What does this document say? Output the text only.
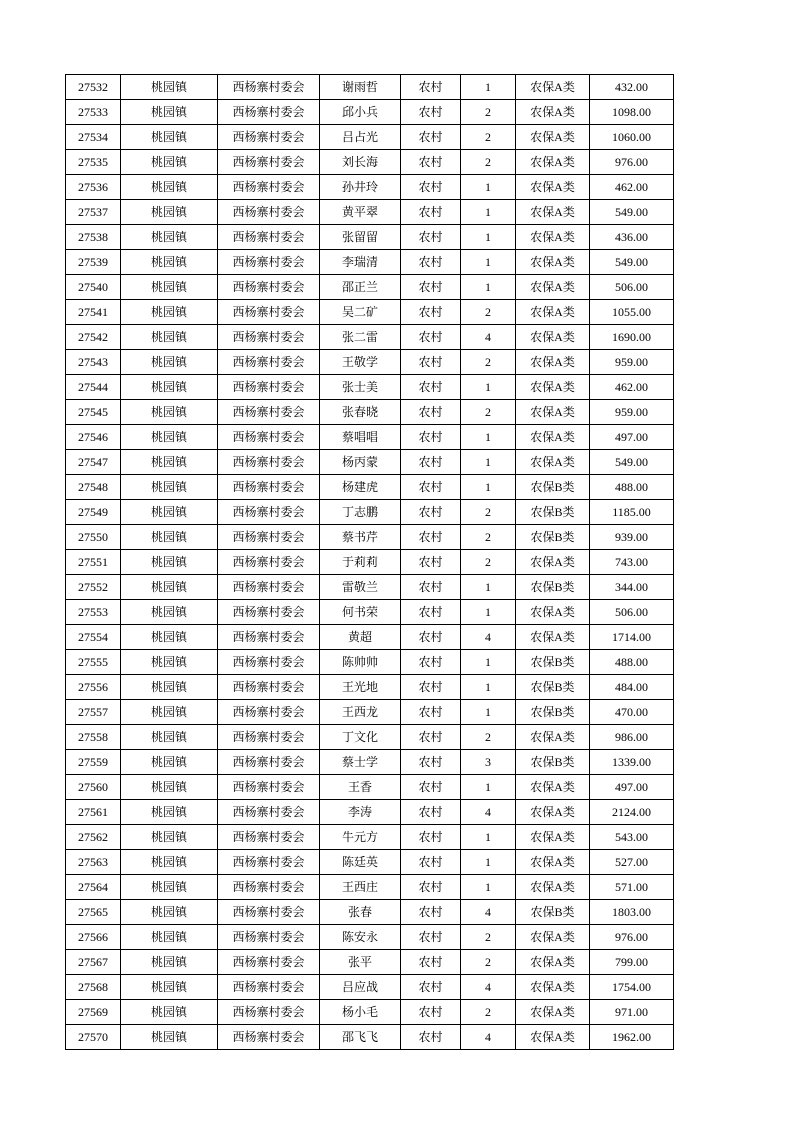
27532	桃园镇	西杨寨村委会	谢雨哲	农村	1	农保A类	432.00
27533	桃园镇	西杨寨村委会	邱小兵	农村	2	农保A类	1098.00
27534	桃园镇	西杨寨村委会	吕占光	农村	2	农保A类	1060.00
27535	桃园镇	西杨寨村委会	刘长海	农村	2	农保A类	976.00
27536	桃园镇	西杨寨村委会	孙井玲	农村	1	农保A类	462.00
27537	桃园镇	西杨寨村委会	黄平翠	农村	1	农保A类	549.00
27538	桃园镇	西杨寨村委会	张留留	农村	1	农保A类	436.00
27539	桃园镇	西杨寨村委会	李瑞清	农村	1	农保A类	549.00
27540	桃园镇	西杨寨村委会	邵正兰	农村	1	农保A类	506.00
27541	桃园镇	西杨寨村委会	吴二矿	农村	2	农保A类	1055.00
27542	桃园镇	西杨寨村委会	张二雷	农村	4	农保A类	1690.00
27543	桃园镇	西杨寨村委会	王敬学	农村	2	农保A类	959.00
27544	桃园镇	西杨寨村委会	张士美	农村	1	农保A类	462.00
27545	桃园镇	西杨寨村委会	张春晓	农村	2	农保A类	959.00
27546	桃园镇	西杨寨村委会	蔡唱唱	农村	1	农保A类	497.00
27547	桃园镇	西杨寨村委会	杨丙蒙	农村	1	农保A类	549.00
27548	桃园镇	西杨寨村委会	杨建虎	农村	1	农保B类	488.00
27549	桃园镇	西杨寨村委会	丁志鹏	农村	2	农保B类	1185.00
27550	桃园镇	西杨寨村委会	蔡书芹	农村	2	农保B类	939.00
27551	桃园镇	西杨寨村委会	于莉莉	农村	2	农保A类	743.00
27552	桃园镇	西杨寨村委会	雷敬兰	农村	1	农保B类	344.00
27553	桃园镇	西杨寨村委会	何书荣	农村	1	农保A类	506.00
27554	桃园镇	西杨寨村委会	黄超	农村	4	农保A类	1714.00
27555	桃园镇	西杨寨村委会	陈帅帅	农村	1	农保B类	488.00
27556	桃园镇	西杨寨村委会	王光地	农村	1	农保B类	484.00
27557	桃园镇	西杨寨村委会	王西龙	农村	1	农保B类	470.00
27558	桃园镇	西杨寨村委会	丁文化	农村	2	农保A类	986.00
27559	桃园镇	西杨寨村委会	蔡士学	农村	3	农保B类	1339.00
27560	桃园镇	西杨寨村委会	王香	农村	1	农保A类	497.00
27561	桃园镇	西杨寨村委会	李涛	农村	4	农保A类	2124.00
27562	桃园镇	西杨寨村委会	牛元方	农村	1	农保A类	543.00
27563	桃园镇	西杨寨村委会	陈廷英	农村	1	农保A类	527.00
27564	桃园镇	西杨寨村委会	王西庄	农村	1	农保A类	571.00
27565	桃园镇	西杨寨村委会	张春	农村	4	农保B类	1803.00
27566	桃园镇	西杨寨村委会	陈安永	农村	2	农保A类	976.00
27567	桃园镇	西杨寨村委会	张平	农村	2	农保A类	799.00
27568	桃园镇	西杨寨村委会	吕应战	农村	4	农保A类	1754.00
27569	桃园镇	西杨寨村委会	杨小毛	农村	2	农保A类	971.00
27570	桃园镇	西杨寨村委会	邵飞飞	农村	4	农保A类	1962.00
